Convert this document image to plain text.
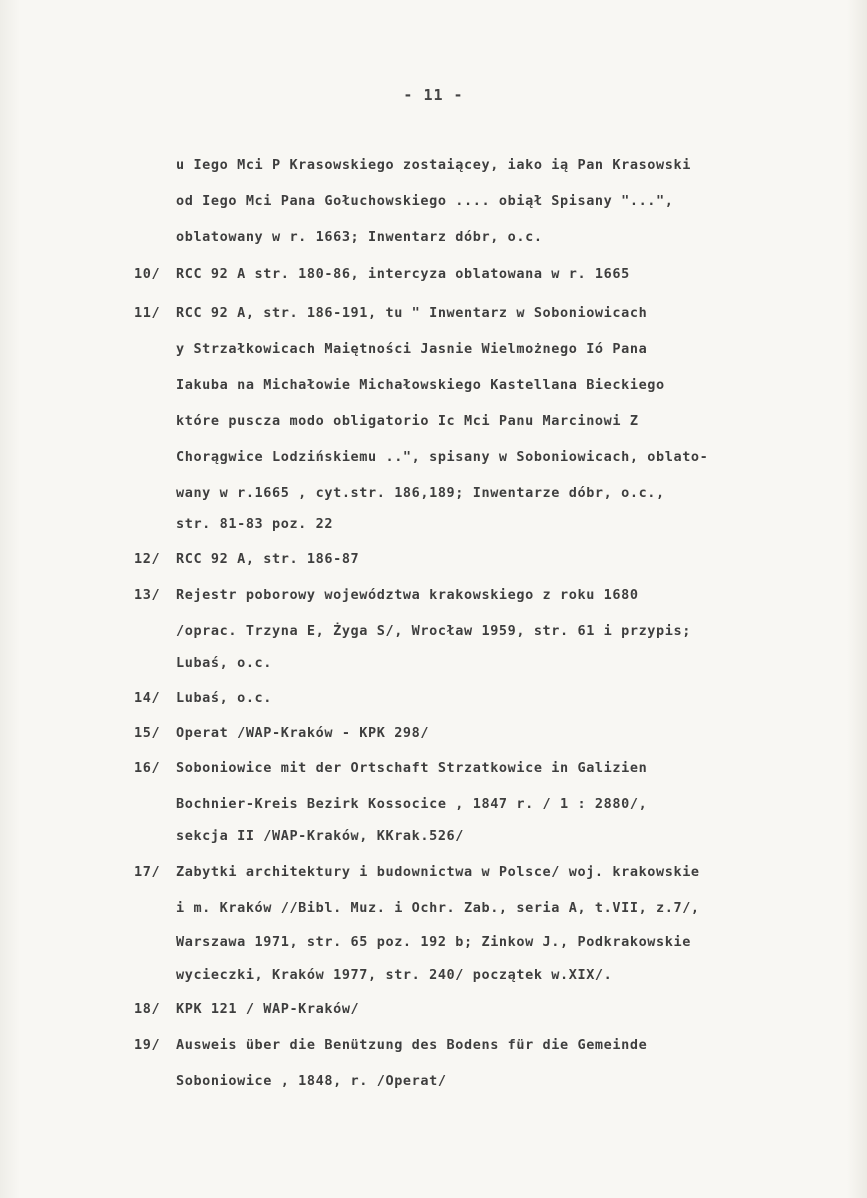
- 11 -
u Iego Mci P Krasowskiego zostaiącey, iako ią Pan Krasowski
od Iego Mci Pana Gołuchowskiego .... obiął Spisany "...",
oblatowany w r. 1663; Inwentarz dóbr, o.c.
10/ RCC 92 A str. 180-86, intercyza oblatowana w r. 1665
11/ RCC 92 A, str. 186-191, tu " Inwentarz w Soboniowicach
y Strzałkowicach Maiętności Jasnie Wielmożnego Ió Pana
Iakuba na Michałowie Michałowskiego Kastellana Bieckiego
które puscza modo obligatorio Ic Mci Panu Marcinowi Z
Chorągwice Lodzińskiemu ..", spisany w Soboniowicach, oblato-
wany w r.1665 , cyt.str. 186,189; Inwentarze dóbr, o.c.,
str. 81-83 poz. 22
12/ RCC 92 A, str. 186-87
13/ Rejestr poborowy województwa krakowskiego z roku 1680
/oprac. Trzyna E, Żyga S/, Wrocław 1959, str. 61 i przypis;
Lubaś, o.c.
14/ Lubaś, o.c.
15/ Operat /WAP-Kraków - KPK 298/
16/ Soboniowice mit der Ortschaft Strzatkowice in Galizien
Bochnier-Kreis Bezirk Kossocice , 1847 r. / 1 : 2880/,
sekcja II /WAP-Kraków, KKrak.526/
17/ Zabytki architektury i budownictwa w Polsce/ woj. krakowskie
i m. Kraków //Bibl. Muz. i Ochr. Zab., seria A, t.VII, z.7/,
Warszawa 1971, str. 65 poz. 192 b; Zinkow J., Podkrakowskie
wycieczki, Kraków 1977, str. 240/ początek w.XIX/.
18/ KPK 121 / WAP-Kraków/
19/ Ausweis über die Benützung des Bodens für die Gemeinde
Soboniowice , 1848, r. /Operat/
